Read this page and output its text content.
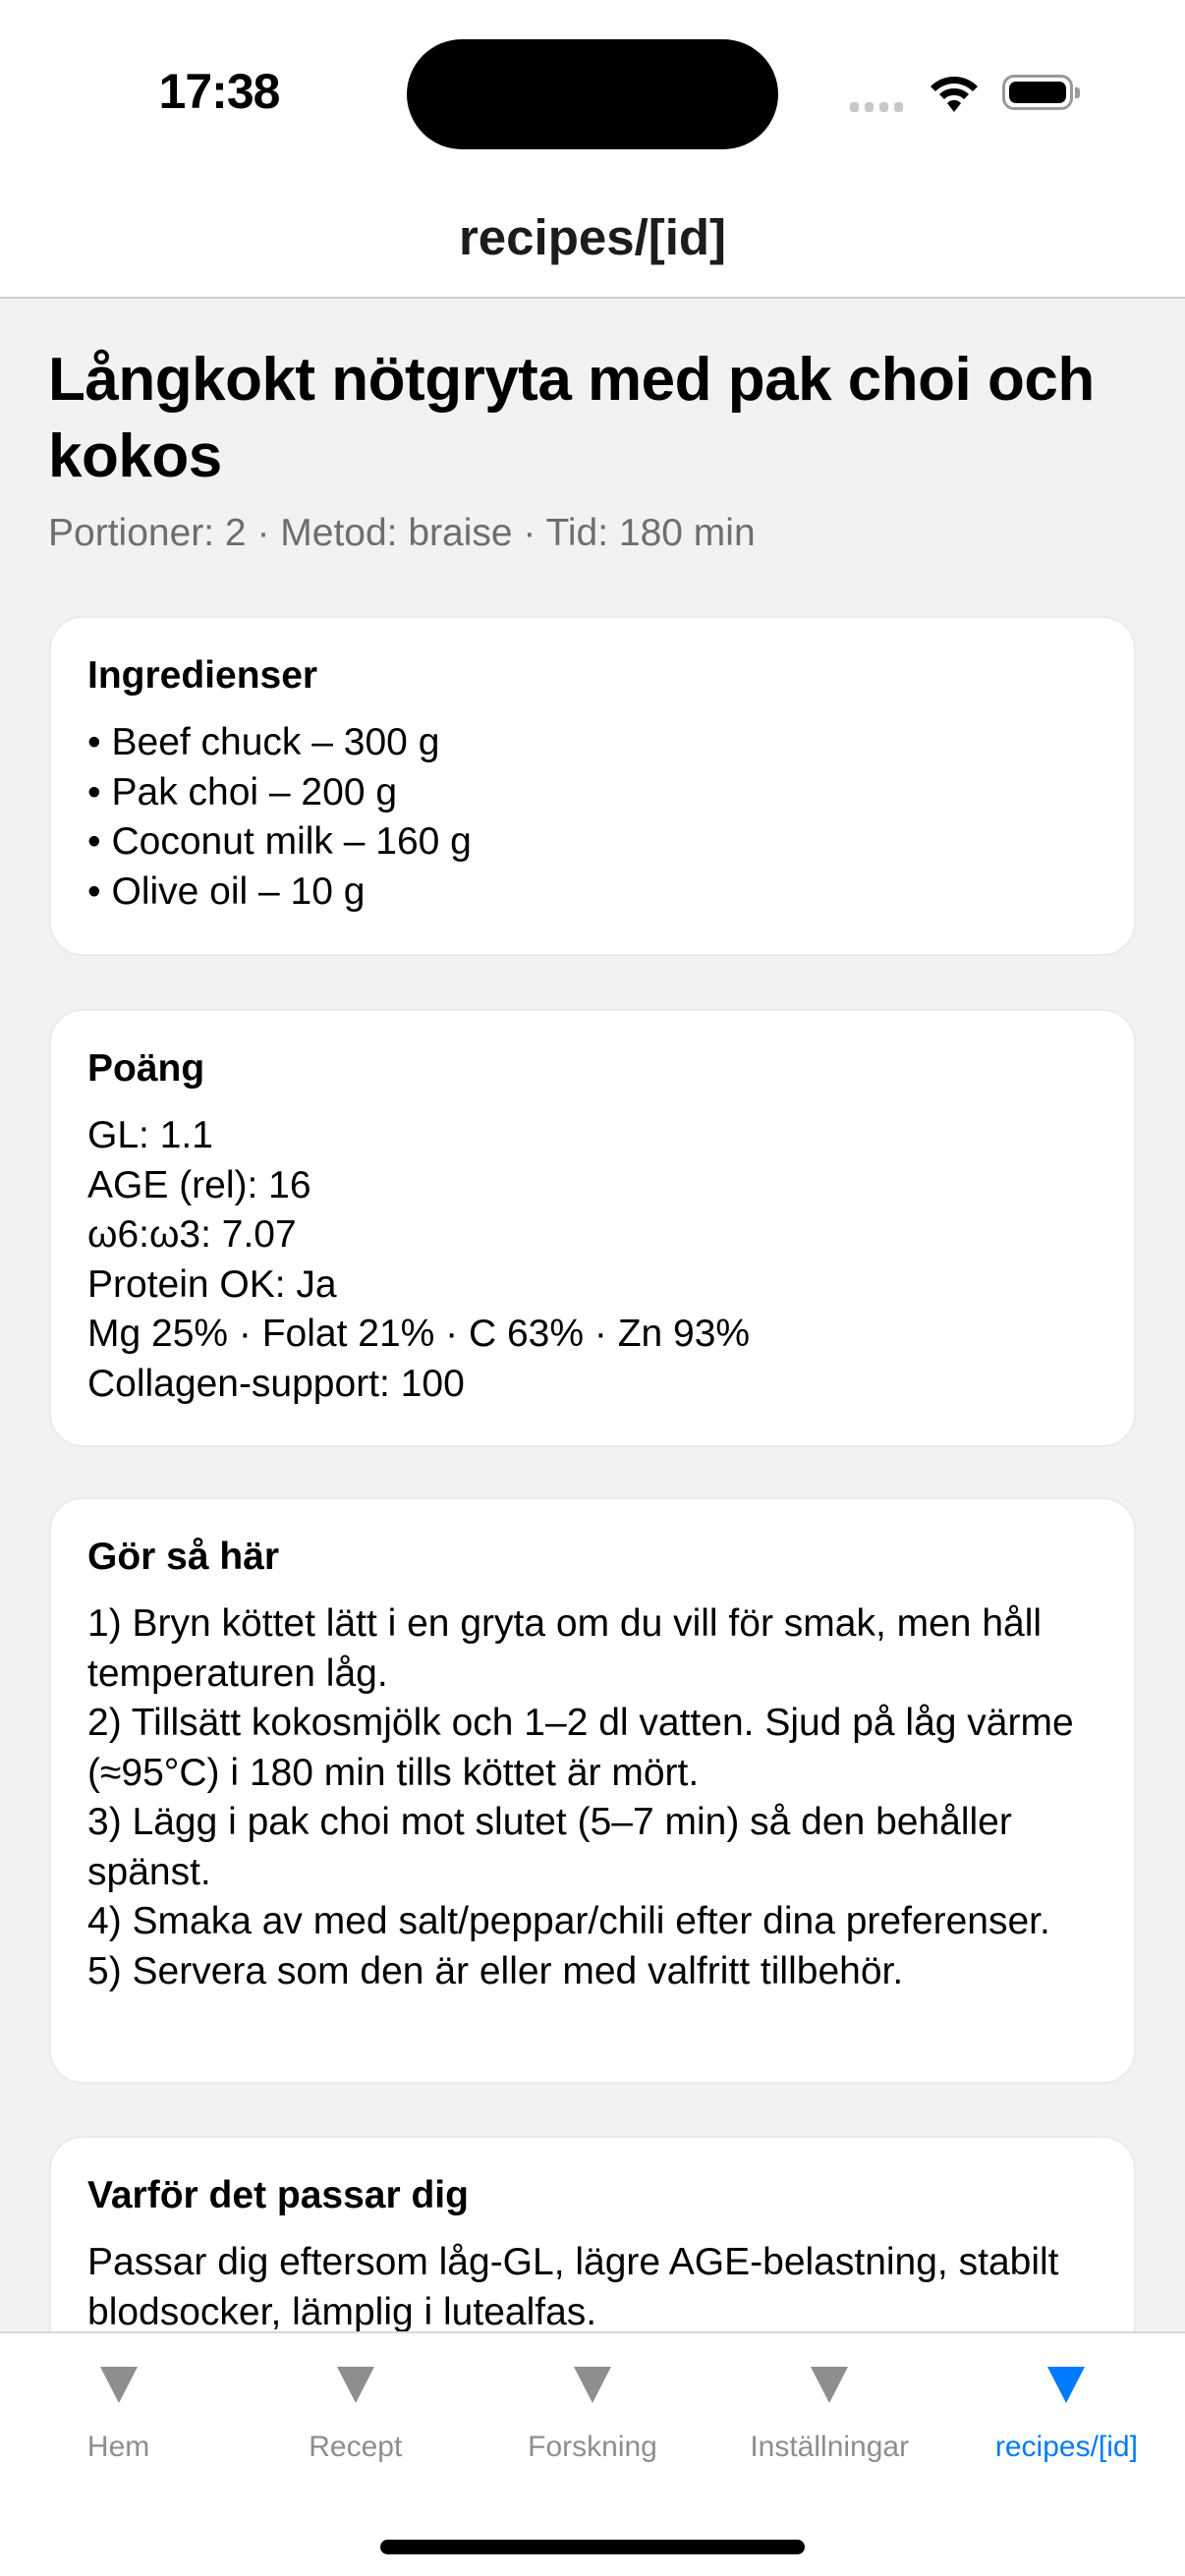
17:38
recipes/[id]
Långkokt nötgryta med pak choi och kokos
Portioner: 2 · Metod: braise · Tid: 180 min
Ingredienser
• Beef chuck – 300 g
• Pak choi – 200 g
• Coconut milk – 160 g
• Olive oil – 10 g
Poäng
GL: 1.1
AGE (rel): 16
ω6:ω3: 7.07
Protein OK: Ja
Mg 25% · Folat 21% · C 63% · Zn 93%
Collagen-support: 100
Gör så här
1) Bryn köttet lätt i en gryta om du vill för smak, men håll temperaturen låg.
2) Tillsätt kokosmjölk och 1–2 dl vatten. Sjud på låg värme (≈95°C) i 180 min tills köttet är mört.
3) Lägg i pak choi mot slutet (5–7 min) så den behåller spänst.
4) Smaka av med salt/peppar/chili efter dina preferenser.
5) Servera som den är eller med valfritt tillbehör.
Varför det passar dig
Passar dig eftersom låg-GL, lägre AGE-belastning, stabilt blodsocker, lämplig i lutealfas.
Hem	Recept	Forskning	Inställningar	recipes/[id]
